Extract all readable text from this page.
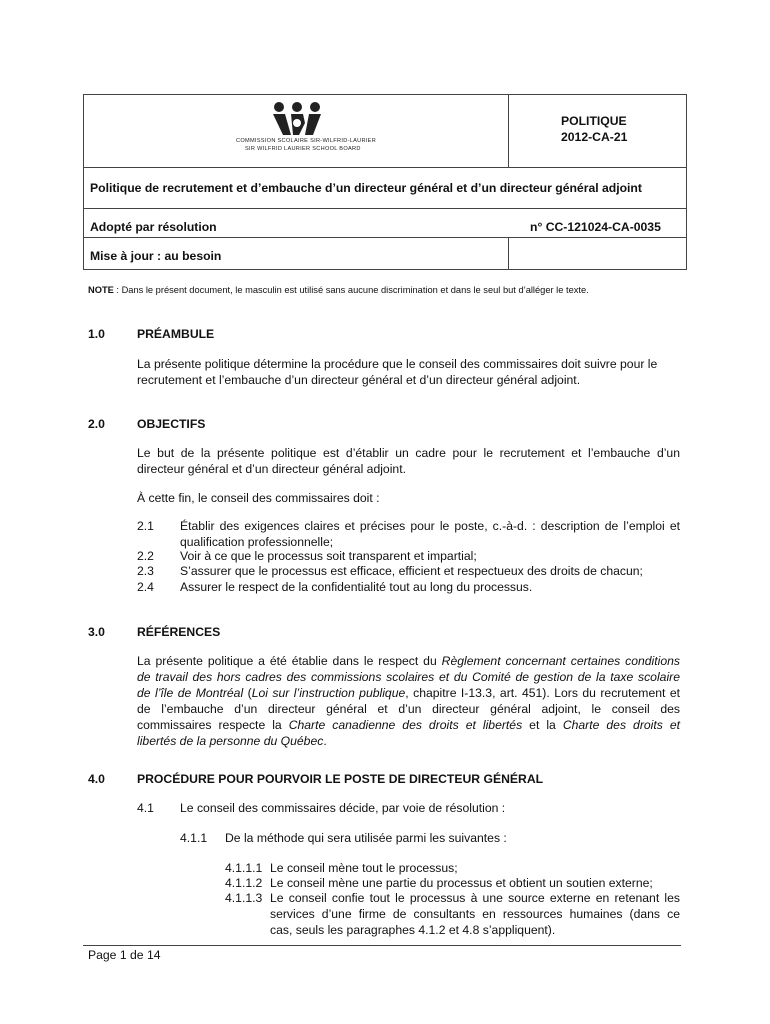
COMMISSION SCOLAIRE SIR-WILFRID-LAURIER
SIR WILFRID LAURIER SCHOOL BOARD
POLITIQUE
2012-CA-21
Politique de recrutement et d’embauche d’un directeur général et d’un directeur général adjoint
Adopté par résolution	n° CC-121024-CA-0035
Mise à jour : au besoin
NOTE : Dans le présent document, le masculin est utilisé sans aucune discrimination et dans le seul but d’alléger le texte.
1.0	PRÉAMBULE
La présente politique détermine la procédure que le conseil des commissaires doit suivre pour le
recrutement et l’embauche d’un directeur général et d’un directeur général adjoint.
2.0	OBJECTIFS
Le but de la présente politique est d’établir un cadre pour le recrutement et l’embauche d’un
directeur général et d’un directeur général adjoint.
À cette fin, le conseil des commissaires doit :
2.1 Établir des exigences claires et précises pour le poste, c.-à-d. : description de l’emploi et
qualification professionnelle;
2.2 Voir à ce que le processus soit transparent et impartial;
2.3 S’assurer que le processus est efficace, efficient et respectueux des droits de chacun;
2.4 Assurer le respect de la confidentialité tout au long du processus.
3.0	RÉFÉRENCES
La présente politique a été établie dans le respect du Règlement concernant certaines conditions
de travail des hors cadres des commissions scolaires et du Comité de gestion de la taxe scolaire
de l’île de Montréal (Loi sur l’instruction publique, chapitre I-13.3, art. 451). Lors du recrutement et
de l’embauche d’un directeur général et d’un directeur général adjoint, le conseil des
commissaires respecte la Charte canadienne des droits et libertés et la Charte des droits et
libertés de la personne du Québec.
4.0	PROCÉDURE POUR POURVOIR LE POSTE DE DIRECTEUR GÉNÉRAL
4.1 Le conseil des commissaires décide, par voie de résolution :
4.1.1 De la méthode qui sera utilisée parmi les suivantes :
4.1.1.1 Le conseil mène tout le processus;
4.1.1.2 Le conseil mène une partie du processus et obtient un soutien externe;
4.1.1.3 Le conseil confie tout le processus à une source externe en retenant les
services d’une firme de consultants en ressources humaines (dans ce
cas, seuls les paragraphes 4.1.2 et 4.8 s’appliquent).
Page 1 de 14
